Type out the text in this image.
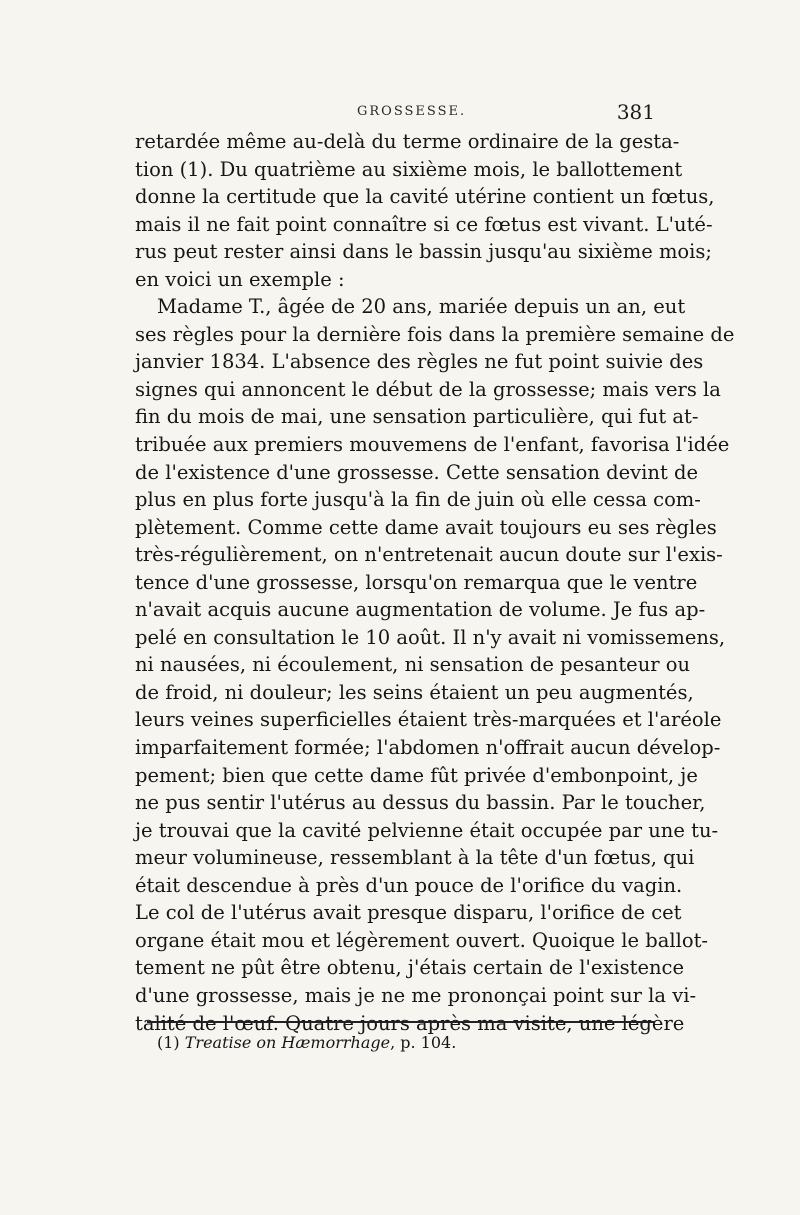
GROSSESSE.	381
retardée même au-delà du terme ordinaire de la gesta-
tion (1). Du quatrième au sixième mois, le ballottement
donne la certitude que la cavité utérine contient un fœtus,
mais il ne fait point connaître si ce fœtus est vivant. L'uté-
rus peut rester ainsi dans le bassin jusqu'au sixième mois;
en voici un exemple :
Madame T., âgée de 20 ans, mariée depuis un an, eut
ses règles pour la dernière fois dans la première semaine de
janvier 1834. L'absence des règles ne fut point suivie des
signes qui annoncent le début de la grossesse; mais vers la
fin du mois de mai, une sensation particulière, qui fut at-
tribuée aux premiers mouvemens de l'enfant, favorisa l'idée
de l'existence d'une grossesse. Cette sensation devint de
plus en plus forte jusqu'à la fin de juin où elle cessa com-
plètement. Comme cette dame avait toujours eu ses règles
très-régulièrement, on n'entretenait aucun doute sur l'exis-
tence d'une grossesse, lorsqu'on remarqua que le ventre
n'avait acquis aucune augmentation de volume. Je fus ap-
pelé en consultation le 10 août. Il n'y avait ni vomissemens,
ni nausées, ni écoulement, ni sensation de pesanteur ou
de froid, ni douleur; les seins étaient un peu augmentés,
leurs veines superficielles étaient très-marquées et l'aréole
imparfaitement formée; l'abdomen n'offrait aucun dévelop-
pement; bien que cette dame fût privée d'embonpoint, je
ne pus sentir l'utérus au dessus du bassin. Par le toucher,
je trouvai que la cavité pelvienne était occupée par une tu-
meur volumineuse, ressemblant à la tête d'un fœtus, qui
était descendue à près d'un pouce de l'orifice du vagin.
Le col de l'utérus avait presque disparu, l'orifice de cet
organe était mou et légèrement ouvert. Quoique le ballot-
tement ne pût être obtenu, j'étais certain de l'existence
d'une grossesse, mais je ne me prononçai point sur la vi-
talité de l'œuf. Quatre jours après ma visite, une légère
(1) Treatise on Hæmorrhage, p. 104.
